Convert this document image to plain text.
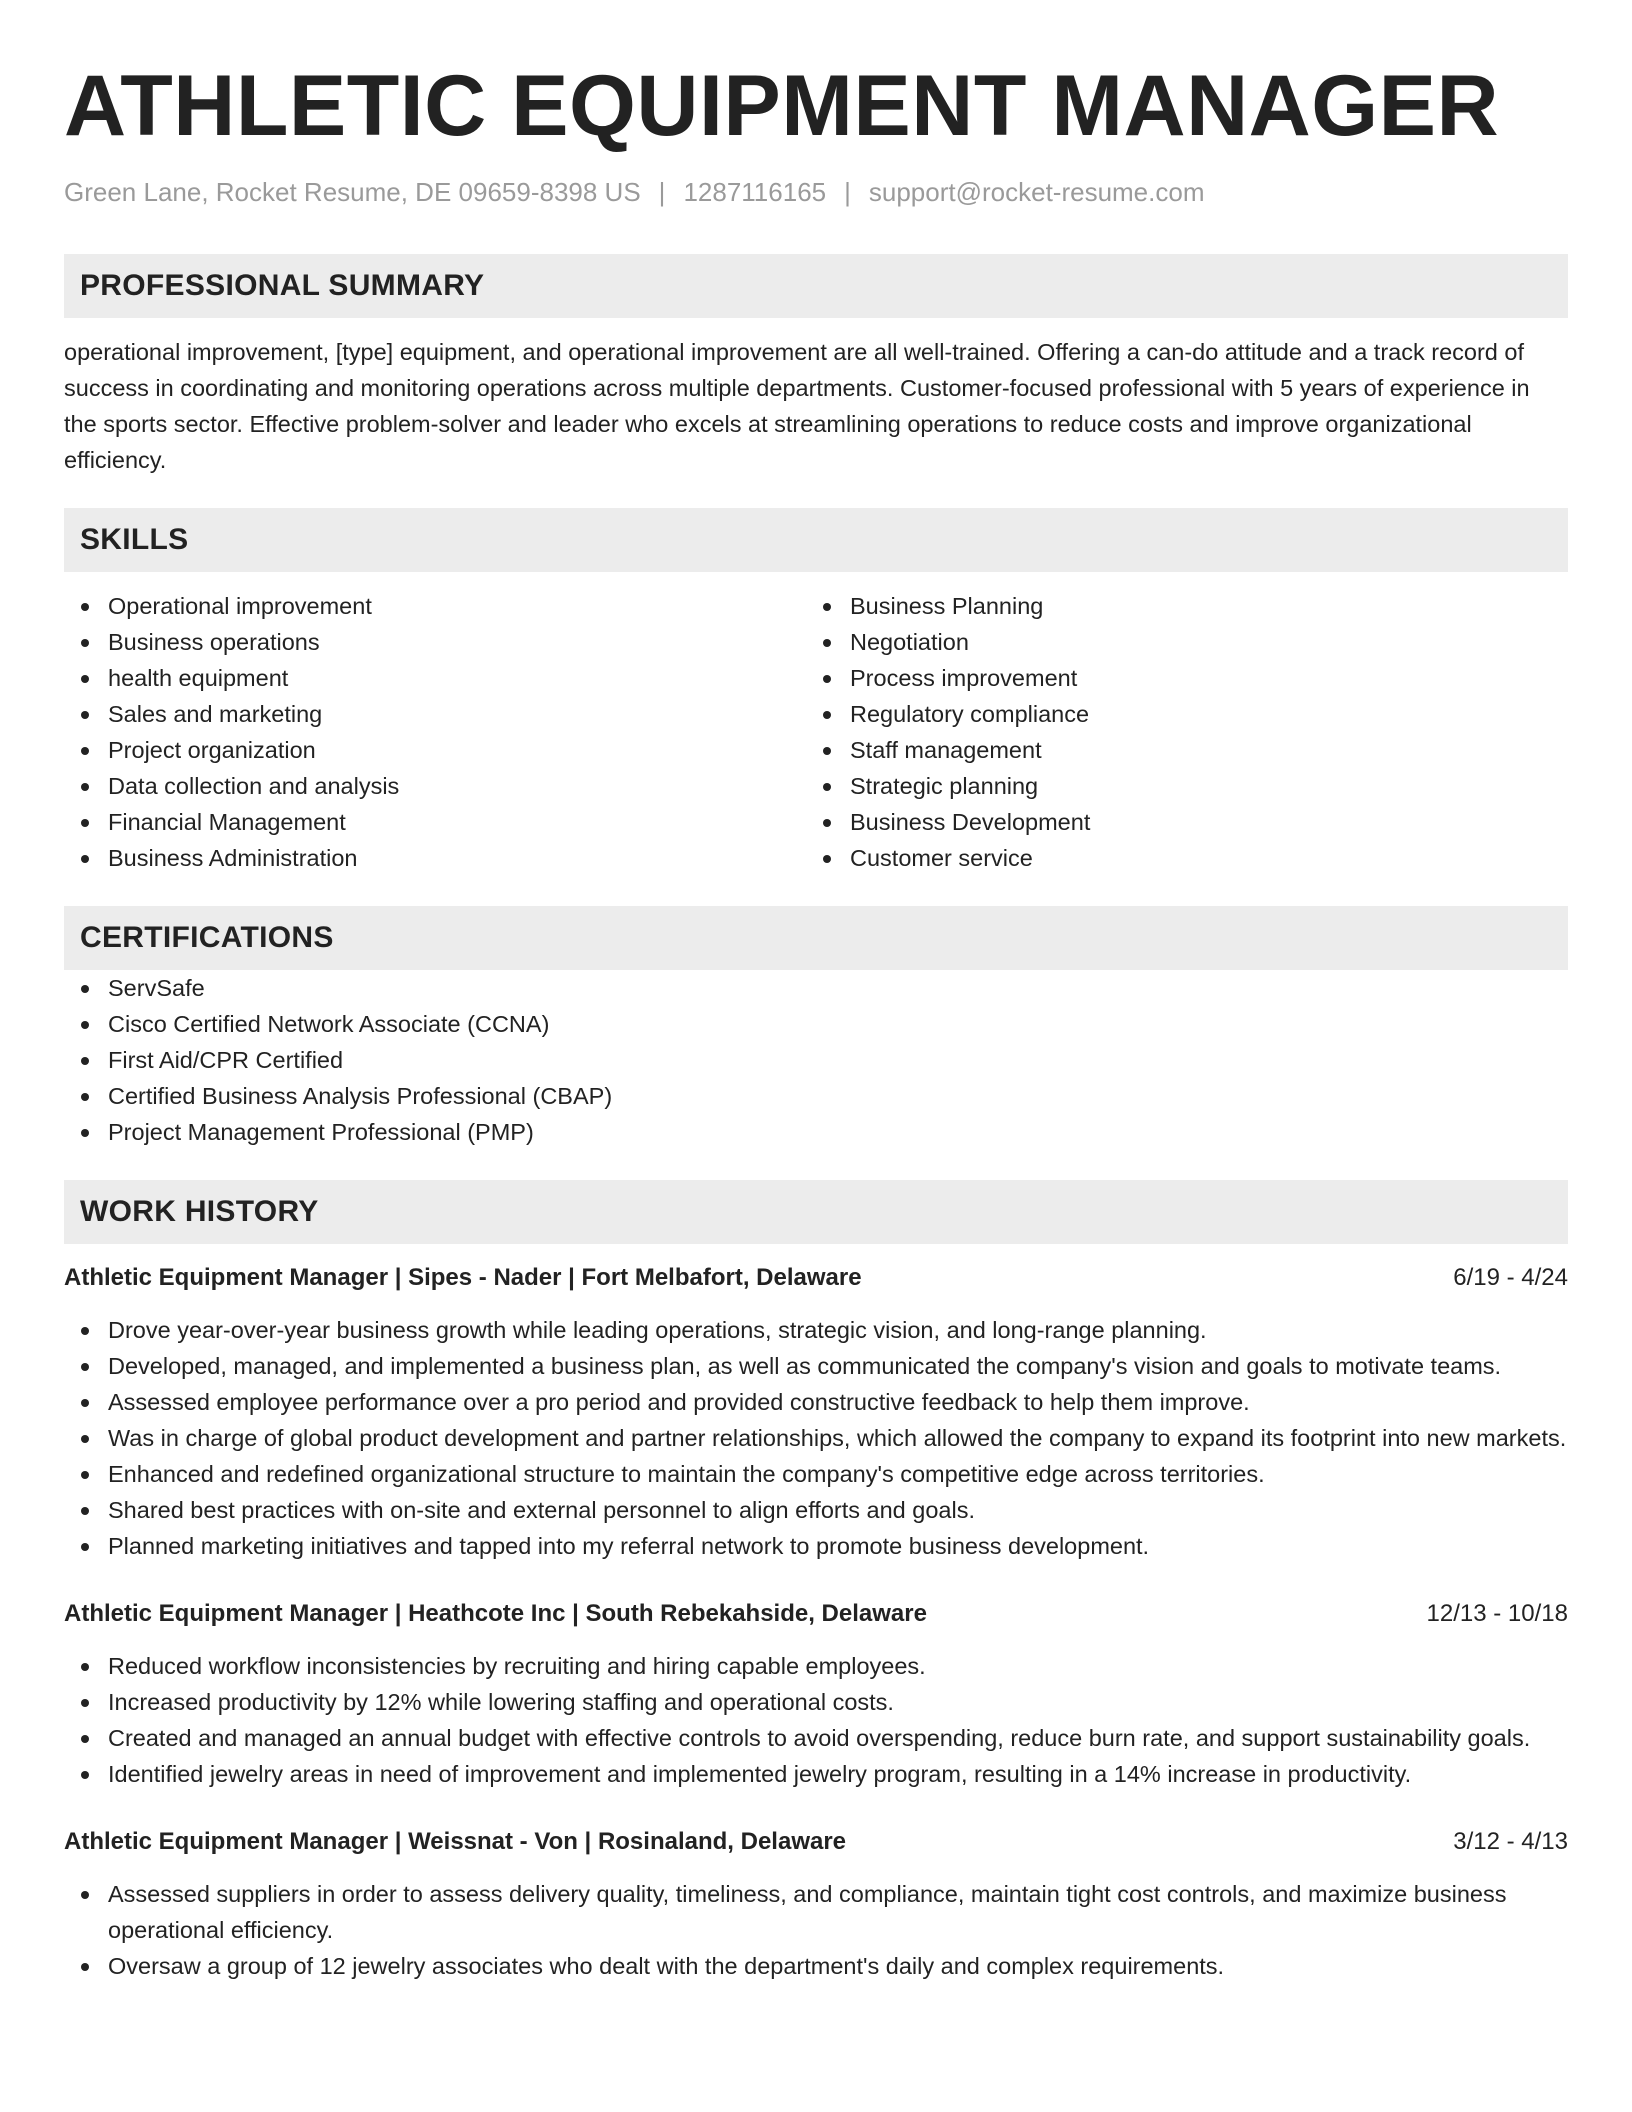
ATHLETIC EQUIPMENT MANAGER
Green Lane, Rocket Resume, DE 09659-8398 US | 1287116165 | support@rocket-resume.com
PROFESSIONAL SUMMARY

operational improvement, [type] equipment, and operational improvement are all well-trained. Offering a can-do attitude and a track record of success in coordinating and monitoring operations across multiple departments. Customer-focused professional with 5 years of experience in the sports sector. Effective problem-solver and leader who excels at streamlining operations to reduce costs and improve organizational efficiency.

SKILLS
Operational improvement
Business operations
health equipment
Sales and marketing
Project organization
Data collection and analysis
Financial Management
Business Administration
Business Planning
Negotiation
Process improvement
Regulatory compliance
Staff management
Strategic planning
Business Development
Customer service
CERTIFICATIONS
ServSafe
Cisco Certified Network Associate (CCNA)
First Aid/CPR Certified
Certified Business Analysis Professional (CBAP)
Project Management Professional (PMP)
WORK HISTORY
Athletic Equipment Manager | Sipes - Nader | Fort Melbafort, Delaware	6/19 - 4/24
Drove year-over-year business growth while leading operations, strategic vision, and long-range planning.
Developed, managed, and implemented a business plan, as well as communicated the company's vision and goals to motivate teams.
Assessed employee performance over a pro period and provided constructive feedback to help them improve.
Was in charge of global product development and partner relationships, which allowed the company to expand its footprint into new markets.
Enhanced and redefined organizational structure to maintain the company's competitive edge across territories.
Shared best practices with on-site and external personnel to align efforts and goals.
Planned marketing initiatives and tapped into my referral network to promote business development.
Athletic Equipment Manager | Heathcote Inc | South Rebekahside, Delaware	12/13 - 10/18
Reduced workflow inconsistencies by recruiting and hiring capable employees.
Increased productivity by 12% while lowering staffing and operational costs.
Created and managed an annual budget with effective controls to avoid overspending, reduce burn rate, and support sustainability goals.
Identified jewelry areas in need of improvement and implemented jewelry program, resulting in a 14% increase in productivity.
Athletic Equipment Manager | Weissnat - Von | Rosinaland, Delaware	3/12 - 4/13
Assessed suppliers in order to assess delivery quality, timeliness, and compliance, maintain tight cost controls, and maximize business operational efficiency.
Oversaw a group of 12 jewelry associates who dealt with the department's daily and complex requirements.
